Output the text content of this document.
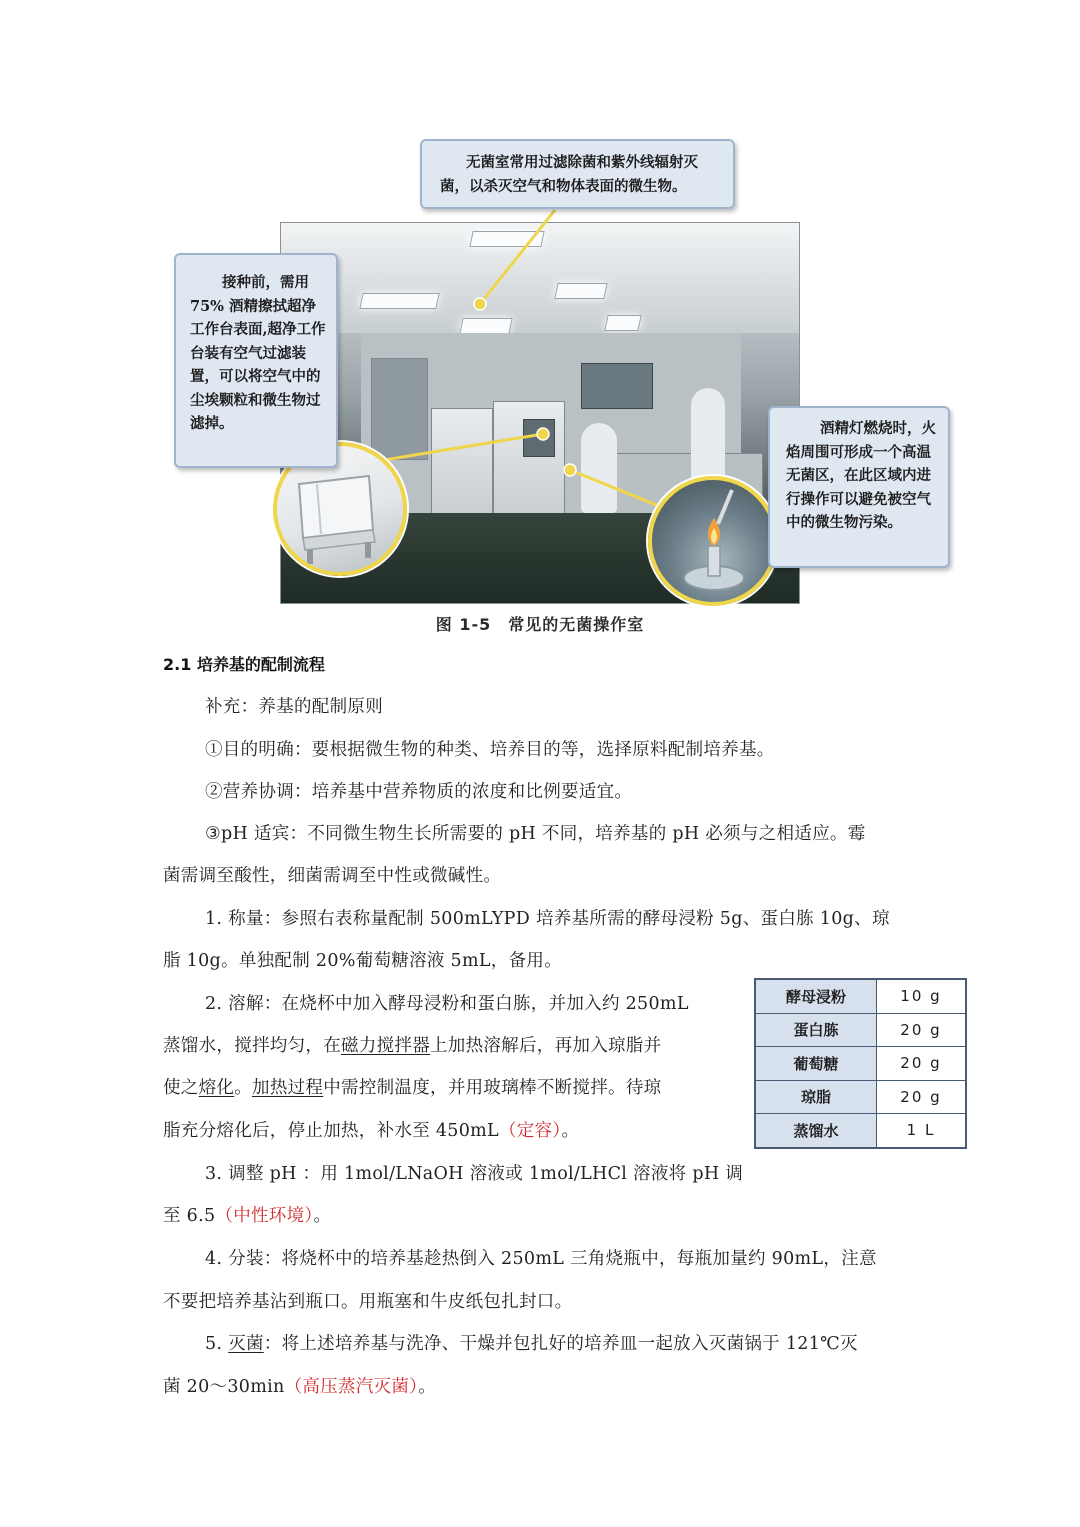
无菌室常用过滤除菌和紫外线辐射灭菌，以杀灭空气和物体表面的微生物。
接种前，需用75% 酒精擦拭超净工作台表面,超净工作台装有空气过滤装置，可以将空气中的尘埃颗粒和微生物过滤掉。	酒精灯燃烧时，火焰周围可形成一个高温无菌区，在此区域内进行操作可以避免被空气中的微生物污染。
图 1-5　常见的无菌操作室
2.1 培养基的配制流程
补充：养基的配制原则
①目的明确：要根据微生物的种类、培养目的等，选择原料配制培养基。
②营养协调：培养基中营养物质的浓度和比例要适宜。
③pH 适宾：不同微生物生长所需要的 pH 不同，培养基的 pH 必须与之相适应。霉
菌需调至酸性，细菌需调至中性或微碱性。
1. 称量：参照右表称量配制 500mLYPD 培养基所需的酵母浸粉 5g、蛋白胨 10g、琼
脂 10g。单独配制 20%葡萄糖溶液 5mL，备用。
2. 溶解：在烧杯中加入酵母浸粉和蛋白胨，并加入约 250mL
蒸馏水，搅拌均匀，在磁力搅拌器上加热溶解后，再加入琼脂并
使之熔化。加热过程中需控制温度，并用玻璃棒不断搅拌。待琼
脂充分熔化后，停止加热，补水至 450mL（定容）。
3. 调整 pH ：用 1mol/LNaOH 溶液或 1mol/LHCl 溶液将 pH 调
至 6.5（中性环境）。
4. 分装：将烧杯中的培养基趁热倒入 250mL 三角烧瓶中，每瓶加量约 90mL，注意
不要把培养基沾到瓶口。用瓶塞和牛皮纸包扎封口。
5. 灭菌：将上述培养基与洗净、干燥并包扎好的培养皿一起放入灭菌锅于 121℃灭
菌 20～30min（高压蒸汽灭菌）。
酵母浸粉	10 g
蛋白胨	20 g
葡萄糖	20 g
琼脂	20 g
蒸馏水	1 L
